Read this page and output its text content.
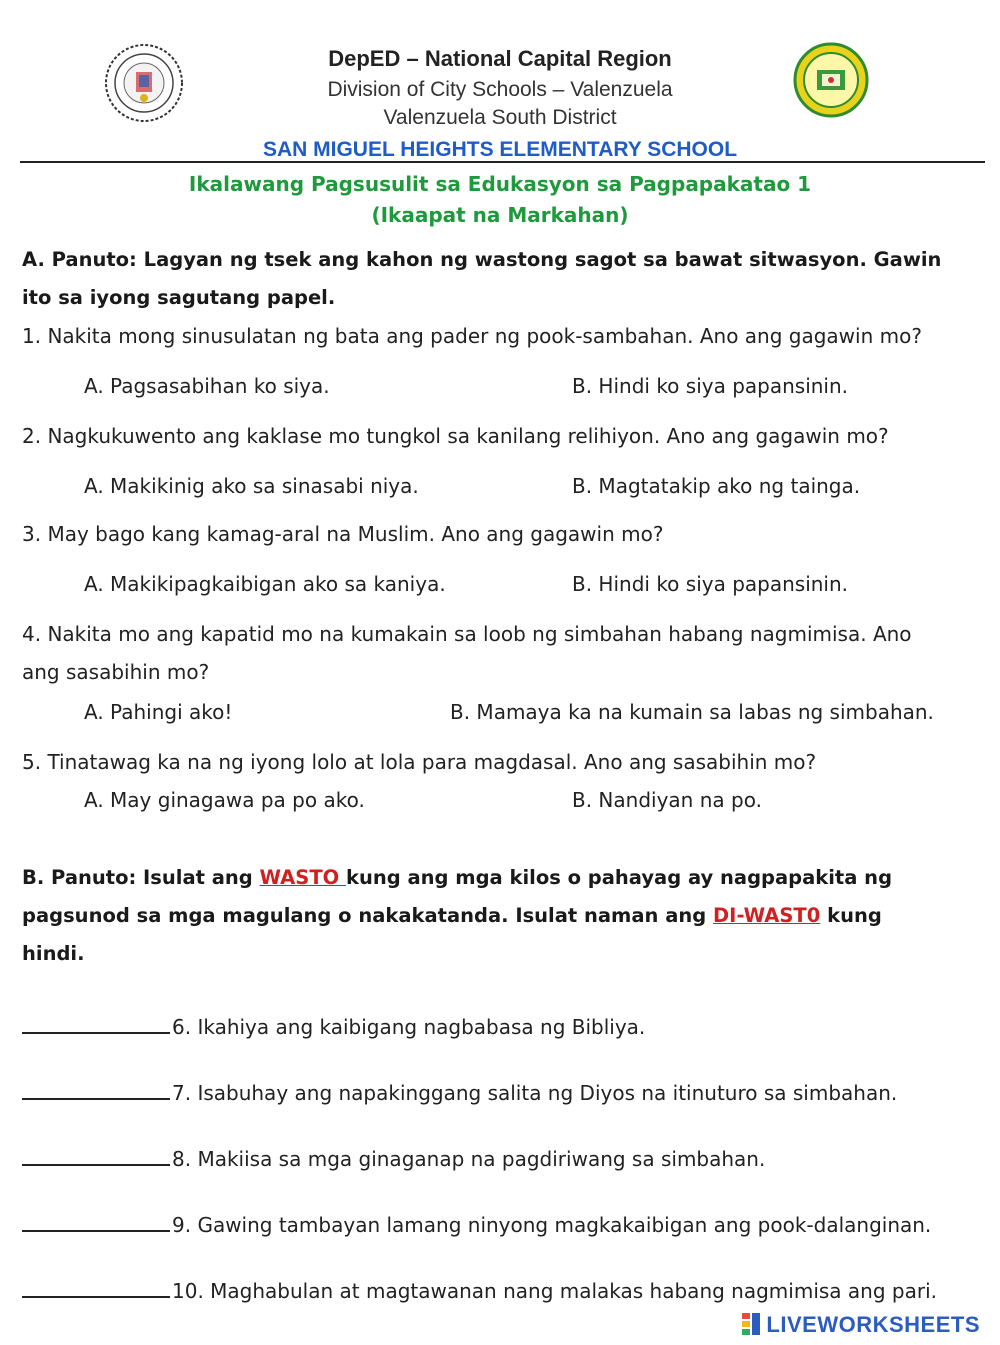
DepED – National Capital Region
Division of City Schools – Valenzuela
Valenzuela South District
SAN MIGUEL HEIGHTS ELEMENTARY SCHOOL
Ikalawang Pagsusulit sa Edukasyon sa Pagpapakatao 1
(Ikaapat na Markahan)
A. Panuto: Lagyan ng tsek ang kahon ng wastong sagot sa bawat sitwasyon. Gawin
ito sa iyong sagutang papel.
1. Nakita mong sinusulatan ng bata ang pader ng pook-sambahan. Ano ang gagawin mo?
A. Pagsasabihan ko siya.	B. Hindi ko siya papansinin.
2. Nagkukuwento ang kaklase mo tungkol sa kanilang relihiyon. Ano ang gagawin mo?
A. Makikinig ako sa sinasabi niya.	B. Magtatakip ako ng tainga.
3. May bago kang kamag-aral na Muslim. Ano ang gagawin mo?
A. Makikipagkaibigan ako sa kaniya.	B. Hindi ko siya papansinin.
4. Nakita mo ang kapatid mo na kumakain sa loob ng simbahan habang nagmimisa. Ano
ang sasabihin mo?
A. Pahingi ako!	B. Mamaya ka na kumain sa labas ng simbahan.
5. Tinatawag ka na ng iyong lolo at lola para magdasal. Ano ang sasabihin mo?
A. May ginagawa pa po ako.	B. Nandiyan na po.
B. Panuto: Isulat ang WASTO kung ang mga kilos o pahayag ay nagpapakita ng
pagsunod sa mga magulang o nakakatanda. Isulat naman ang DI-WAST0 kung
hindi.
6. Ikahiya ang kaibigang nagbabasa ng Bibliya.
7. Isabuhay ang napakinggang salita ng Diyos na itinuturo sa simbahan.
8. Makiisa sa mga ginaganap na pagdiriwang sa simbahan.
9. Gawing tambayan lamang ninyong magkakaibigan ang pook-dalanginan.
10. Maghabulan at magtawanan nang malakas habang nagmimisa ang pari.
LIVEWORKSHEETS
